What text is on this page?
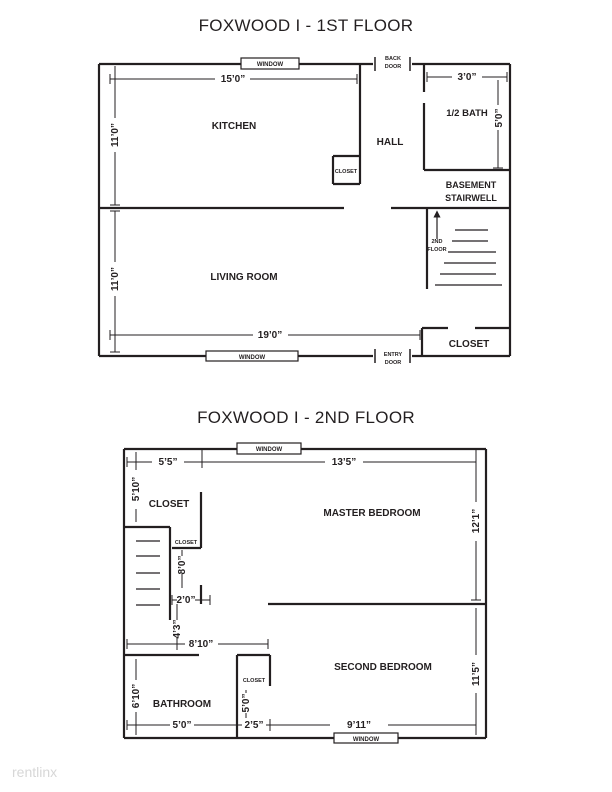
FOXWOOD I - 1ST FLOOR
WINDOW
WINDOW
BACK
DOOR
ENTRY
DOOR
2ND
FLOOR
KITCHEN
HALL
1/2 BATH
CLOSET
BASEMENT
STAIRWELL
LIVING ROOM
CLOSET
15’0”	3’0”
5’0”
11’0”
11’0”
19’0”
FOXWOOD I - 2ND FLOOR
WINDOW
WINDOW
CLOSET
CLOSET
MASTER BEDROOM
SECOND BEDROOM
BATHROOM
CLOSET
5’5”	13’5”
5’10”
12’1”
8’0”
2’0”
4’3”
8’10”
6’10”
11’5”
5’0”
5’0”	2’5”	9’11”
rentlinx
